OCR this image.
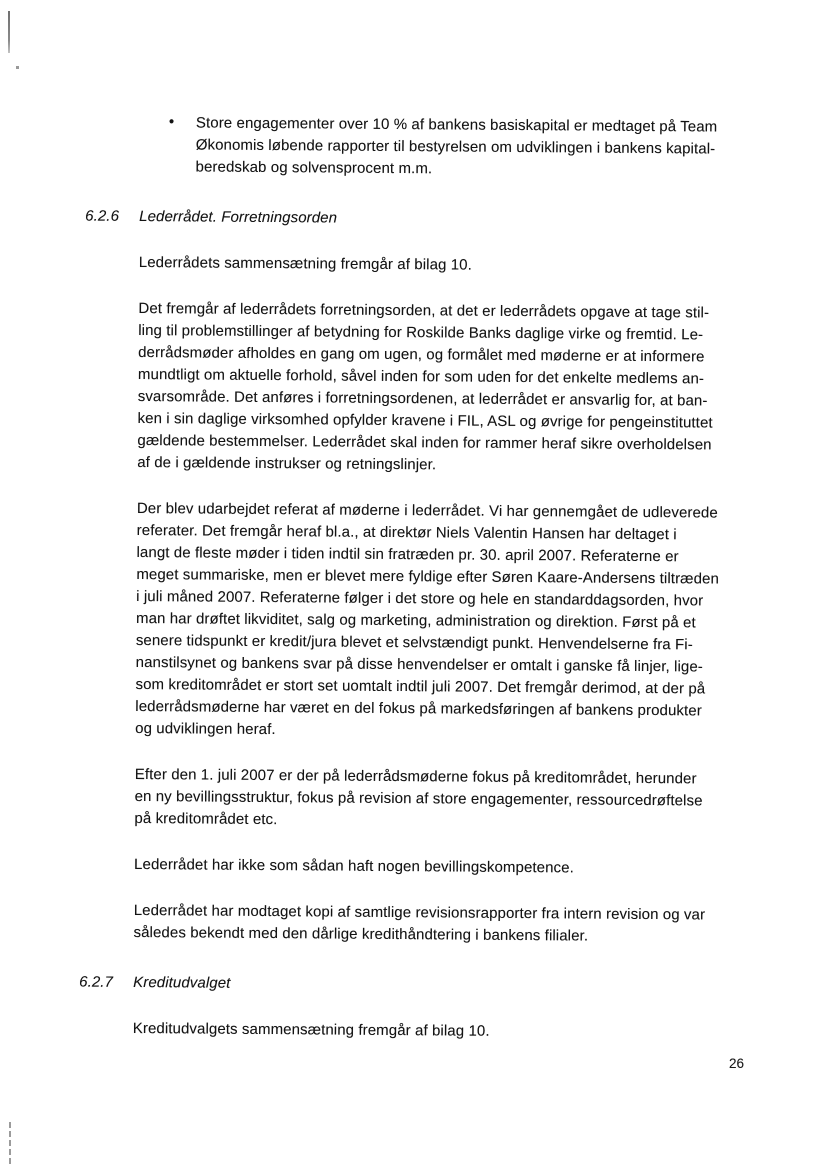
• Store engagementer over 10 % af bankens basiskapital er medtaget på Team
Økonomis løbende rapporter til bestyrelsen om udviklingen i bankens kapital-
beredskab og solvensprocent m.m.
6.2.6 Lederrådet. Forretningsorden

Lederrådets sammensætning fremgår af bilag 10.

Det fremgår af lederrådets forretningsorden, at det er lederrådets opgave at tage stil-
ling til problemstillinger af betydning for Roskilde Banks daglige virke og fremtid. Le-
derrådsmøder afholdes en gang om ugen, og formålet med møderne er at informere
mundtligt om aktuelle forhold, såvel inden for som uden for det enkelte medlems an-
svarsområde. Det anføres i forretningsordenen, at lederrådet er ansvarlig for, at ban-
ken i sin daglige virksomhed opfylder kravene i FIL, ASL og øvrige for pengeinstituttet
gældende bestemmelser. Lederrådet skal inden for rammer heraf sikre overholdelsen
af de i gældende instrukser og retningslinjer.

Der blev udarbejdet referat af møderne i lederrådet. Vi har gennemgået de udleverede
referater. Det fremgår heraf bl.a., at direktør Niels Valentin Hansen har deltaget i
langt de fleste møder i tiden indtil sin fratræden pr. 30. april 2007. Referaterne er
meget summariske, men er blevet mere fyldige efter Søren Kaare-Andersens tiltræden
i juli måned 2007. Referaterne følger i det store og hele en standarddagsorden, hvor
man har drøftet likviditet, salg og marketing, administration og direktion. Først på et
senere tidspunkt er kredit/jura blevet et selvstændigt punkt. Henvendelserne fra Fi-
nanstilsynet og bankens svar på disse henvendelser er omtalt i ganske få linjer, lige-
som kreditområdet er stort set uomtalt indtil juli 2007. Det fremgår derimod, at der på
lederrådsmøderne har været en del fokus på markedsføringen af bankens produkter
og udviklingen heraf.

Efter den 1. juli 2007 er der på lederrådsmøderne fokus på kreditområdet, herunder
en ny bevillingsstruktur, fokus på revision af store engagementer, ressourcedrøftelse
på kreditområdet etc.

Lederrådet har ikke som sådan haft nogen bevillingskompetence.

Lederrådet har modtaget kopi af samtlige revisionsrapporter fra intern revision og var
således bekendt med den dårlige kredithåndtering i bankens filialer.

6.2.7 Kreditudvalget

Kreditudvalgets sammensætning fremgår af bilag 10.

26
